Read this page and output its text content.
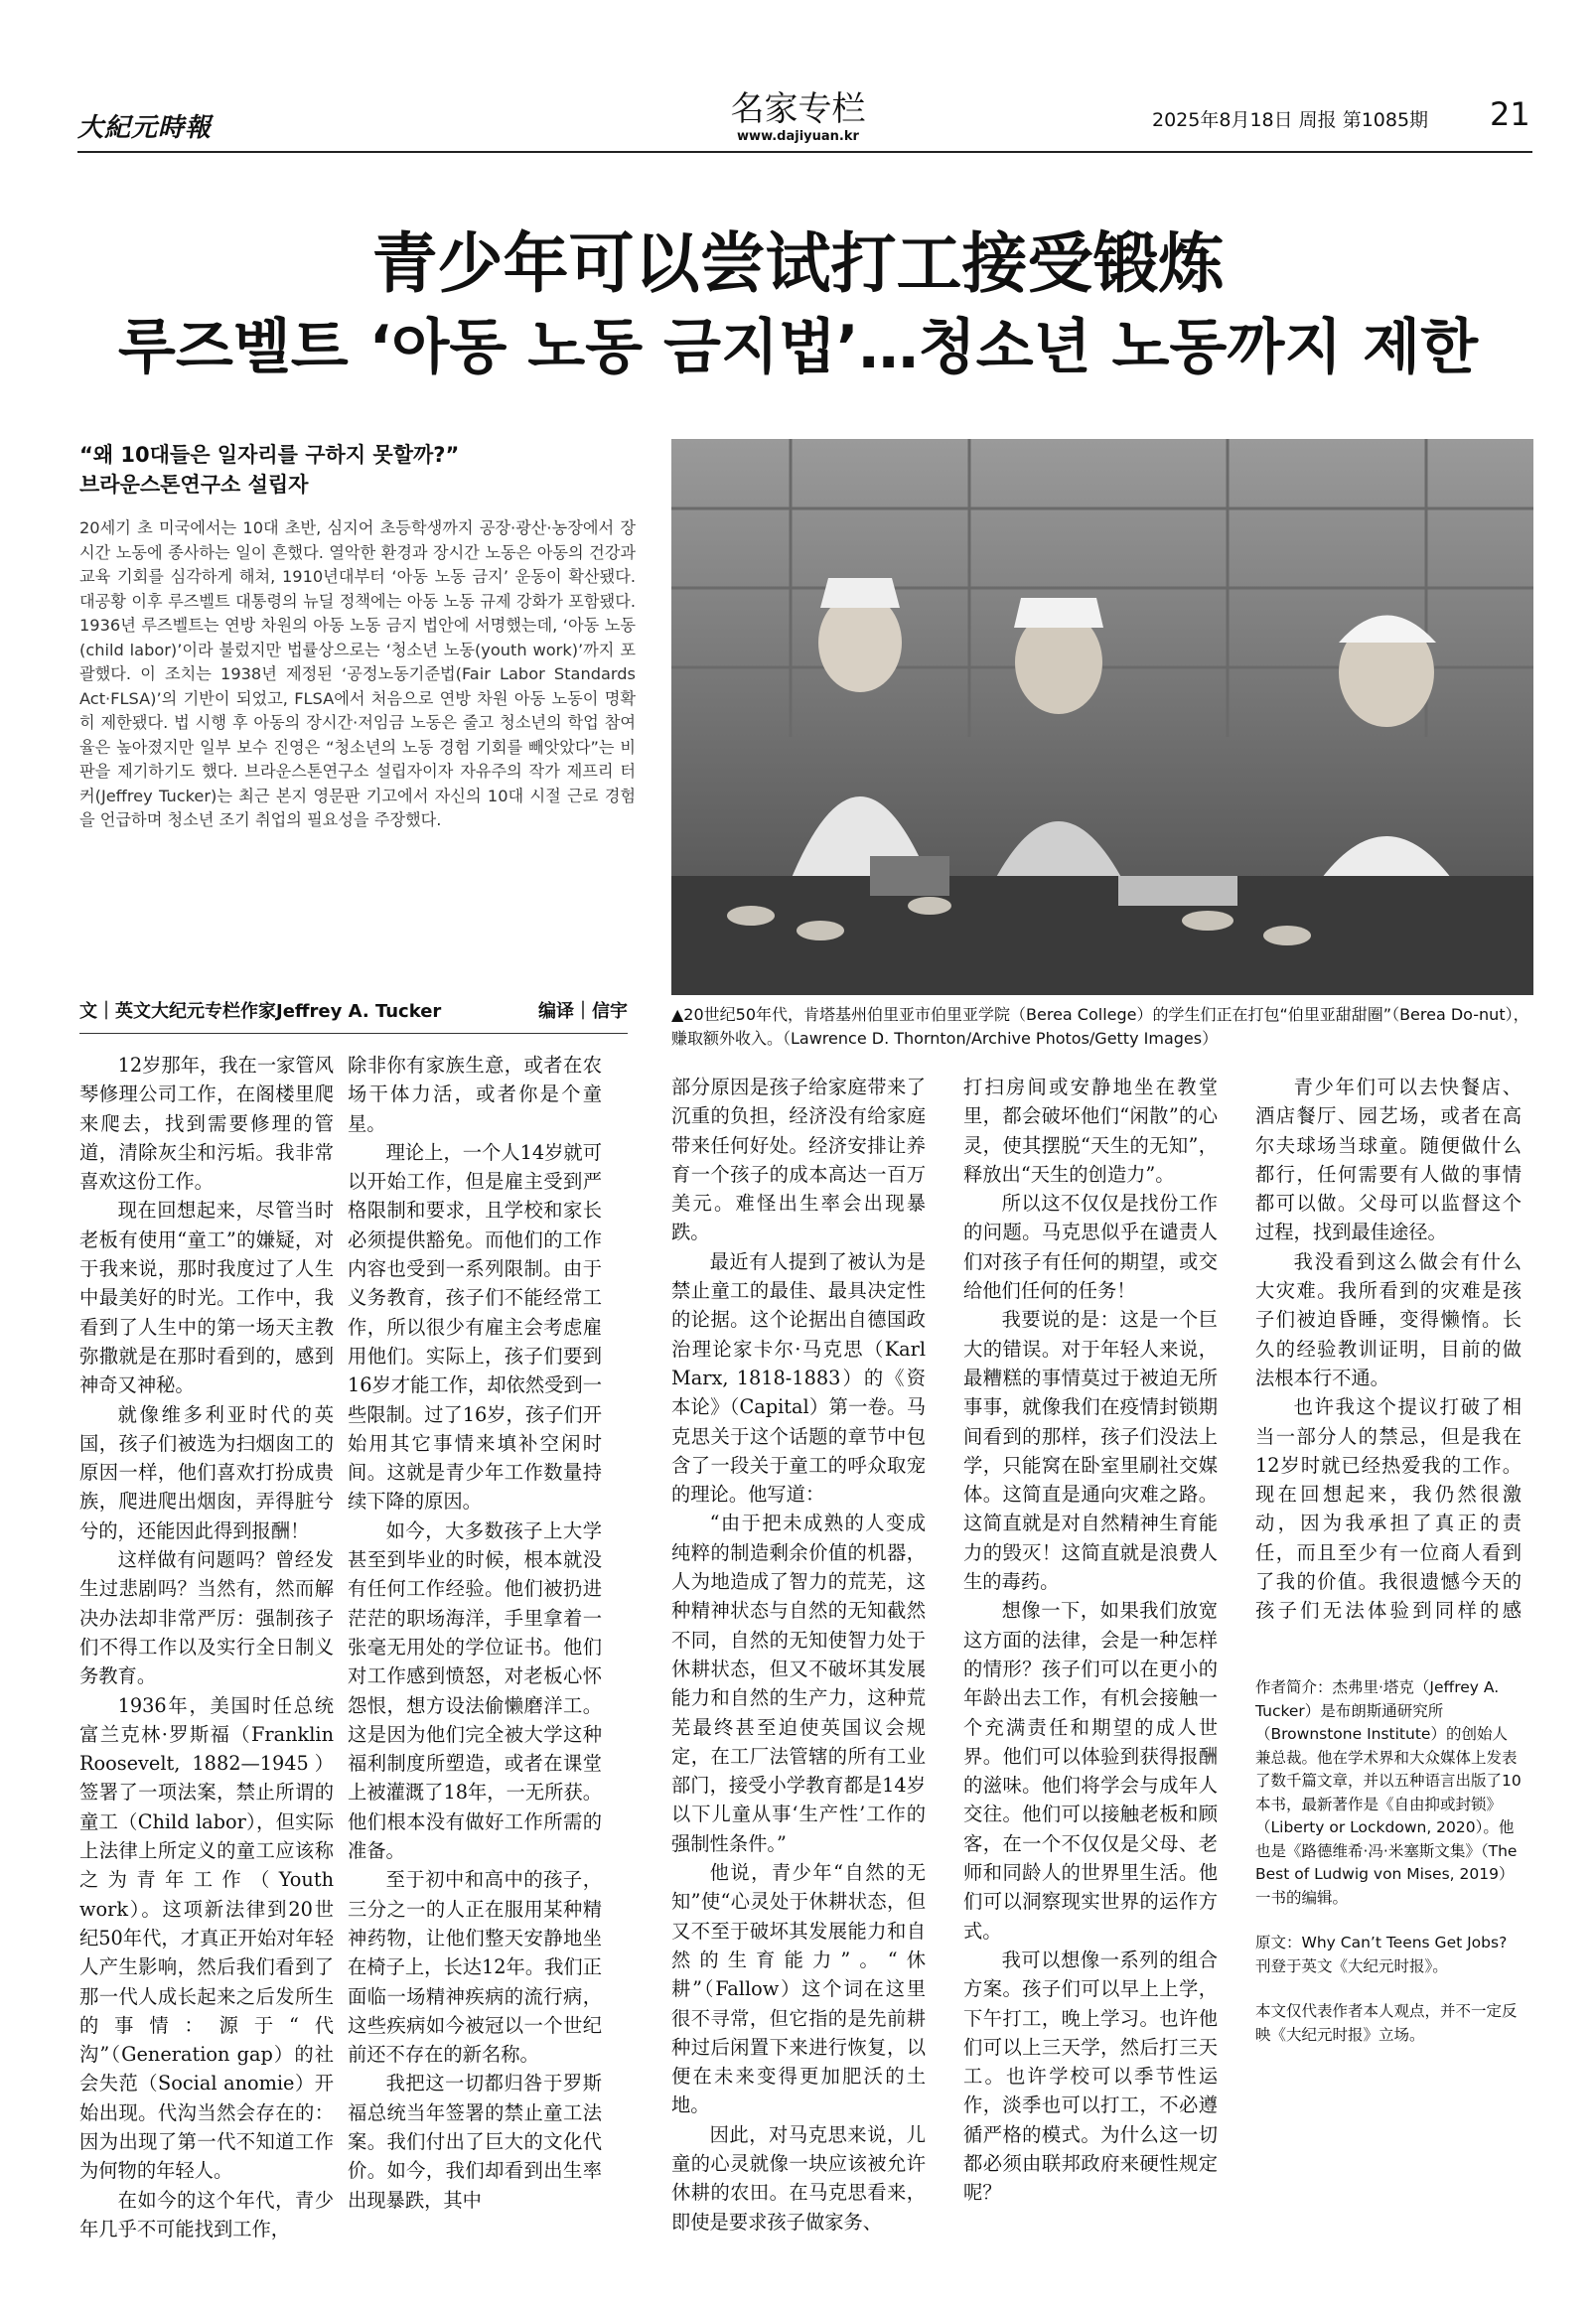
大紀元時報	名家专栏
www.dajiyuan.kr
2025年8月18日 周报 第1085期 21
青少年可以尝试打工接受锻炼
루즈벨트 ‘아동 노동 금지법’…청소년 노동까지 제한
“왜 10대들은 일자리를 구하지 못할까?”
브라운스톤연구소 설립자
20세기 초 미국에서는 10대 초반, 심지어 초등학생까지 공장·광산·농장에서 장시간 노동에 종사하는 일이 흔했다. 열악한 환경과 장시간 노동은 아동의 건강과 교육 기회를 심각하게 해쳐, 1910년대부터 ‘아동 노동 금지’ 운동이 확산됐다. 대공황 이후 루즈벨트 대통령의 뉴딜 정책에는 아동 노동 규제 강화가 포함됐다. 1936년 루즈벨트는 연방 차원의 아동 노동 금지 법안에 서명했는데, ‘아동 노동(child labor)’이라 불렀지만 법률상으로는 ‘청소년 노동(youth work)’까지 포괄했다. 이 조치는 1938년 제정된 ‘공정노동기준법(Fair Labor Standards Act·FLSA)’의 기반이 되었고, FLSA에서 처음으로 연방 차원 아동 노동이 명확히 제한됐다. 법 시행 후 아동의 장시간·저임금 노동은 줄고 청소년의 학업 참여율은 높아졌지만 일부 보수 진영은 “청소년의 노동 경험 기회를 빼앗았다”는 비판을 제기하기도 했다. 브라운스톤연구소 설립자이자 자유주의 작가 제프리 터커(Jeffrey Tucker)는 최근 본지 영문판 기고에서 자신의 10대 시절 근로 경험을 언급하며 청소년 조기 취업의 필요성을 주장했다.
文｜英文大纪元专栏作家Jeffrey A. Tucker	编译｜信宇	▲20世纪50年代，肯塔基州伯里亚市伯里亚学院（Berea College）的学生们正在打包“伯里亚甜甜圈”（Berea Do-nut），赚取额外收入。（Lawrence D. Thornton/Archive Photos/Getty Images）

12岁那年，我在一家管风琴修理公司工作，在阁楼里爬来爬去，找到需要修理的管道，清除灰尘和污垢。我非常喜欢这份工作。

现在回想起来，尽管当时老板有使用“童工”的嫌疑，对于我来说，那时我度过了人生中最美好的时光。工作中，我看到了人生中的第一场天主教弥撒就是在那时看到的，感到神奇又神秘。

就像维多利亚时代的英国，孩子们被选为扫烟囱工的原因一样，他们喜欢打扮成贵族，爬进爬出烟囱，弄得脏兮兮的，还能因此得到报酬！

这样做有问题吗？曾经发生过悲剧吗？当然有，然而解决办法却非常严厉：强制孩子们不得工作以及实行全日制义务教育。

1936年，美国时任总统富兰克林·罗斯福（Franklin Roosevelt, 1882—1945）签署了一项法案，禁止所谓的童工（Child labor），但实际上法律上所定义的童工应该称之为青年工作（Youth work）。这项新法律到20世纪50年代，才真正开始对年轻人产生影响，然后我们看到了那一代人成长起来之后发所生的事情：源于“代沟”（Generation gap）的社会失范（Social anomie）开始出现。代沟当然会存在的：因为出现了第一代不知道工作为何物的年轻人。

在如今的这个年代，青少年几乎不可能找到工作，

除非你有家族生意，或者在农场干体力活，或者你是个童星。

理论上，一个人14岁就可以开始工作，但是雇主受到严格限制和要求，且学校和家长必须提供豁免。而他们的工作内容也受到一系列限制。由于义务教育，孩子们不能经常工作，所以很少有雇主会考虑雇用他们。实际上，孩子们要到16岁才能工作，却依然受到一些限制。过了16岁，孩子们开始用其它事情来填补空闲时间。这就是青少年工作数量持续下降的原因。

如今，大多数孩子上大学甚至到毕业的时候，根本就没有任何工作经验。他们被扔进茫茫的职场海洋，手里拿着一张毫无用处的学位证书。他们对工作感到愤怒，对老板心怀怨恨，想方设法偷懒磨洋工。这是因为他们完全被大学这种福利制度所塑造，或者在课堂上被灌溉了18年，一无所获。他们根本没有做好工作所需的准备。

至于初中和高中的孩子，三分之一的人正在服用某种精神药物，让他们整天安静地坐在椅子上，长达12年。我们正面临一场精神疾病的流行病，这些疾病如今被冠以一个世纪前还不存在的新名称。

我把这一切都归咎于罗斯福总统当年签署的禁止童工法案。我们付出了巨大的文化代价。如今，我们却看到出生率出现暴跌，其中

部分原因是孩子给家庭带来了沉重的负担，经济没有给家庭带来任何好处。经济安排让养育一个孩子的成本高达一百万美元。难怪出生率会出现暴跌。

最近有人提到了被认为是禁止童工的最佳、最具决定性的论据。这个论据出自德国政治理论家卡尔·马克思（Karl Marx, 1818-1883）的《资本论》（Capital）第一卷。马克思关于这个话题的章节中包含了一段关于童工的呼众取宠的理论。他写道：

“由于把未成熟的人变成纯粹的制造剩余价值的机器，人为地造成了智力的荒芜，这种精神状态与自然的无知截然不同，自然的无知使智力处于休耕状态，但又不破坏其发展能力和自然的生产力，这种荒芜最终甚至迫使英国议会规定，在工厂法管辖的所有工业部门，接受小学教育都是14岁以下儿童从事‘生产性’工作的强制性条件。”

他说，青少年“自然的无知”使“心灵处于休耕状态，但又不至于破坏其发展能力和自然的生育能力”。“休耕”（Fallow）这个词在这里很不寻常，但它指的是先前耕种过后闲置下来进行恢复，以便在未来变得更加肥沃的土地。

因此，对马克思来说，儿童的心灵就像一块应该被允许休耕的农田。在马克思看来，即使是要求孩子做家务、

打扫房间或安静地坐在教堂里，都会破坏他们“闲散”的心灵，使其摆脱“天生的无知”，释放出“天生的创造力”。

所以这不仅仅是找份工作的问题。马克思似乎在谴责人们对孩子有任何的期望，或交给他们任何的任务！

我要说的是：这是一个巨大的错误。对于年轻人来说，最糟糕的事情莫过于被迫无所事事，就像我们在疫情封锁期间看到的那样，孩子们没法上学，只能窝在卧室里刷社交媒体。这简直是通向灾难之路。这简直就是对自然精神生育能力的毁灭！这简直就是浪费人生的毒药。

想像一下，如果我们放宽这方面的法律，会是一种怎样的情形？孩子们可以在更小的年龄出去工作，有机会接触一个充满责任和期望的成人世界。他们可以体验到获得报酬的滋味。他们将学会与成年人交往。他们可以接触老板和顾客，在一个不仅仅是父母、老师和同龄人的世界里生活。他们可以洞察现实世界的运作方式。

我可以想像一系列的组合方案。孩子们可以早上上学，下午打工，晚上学习。也许他们可以上三天学，然后打三天工。也许学校可以季节性运作，淡季也可以打工，不必遵循严格的模式。为什么这一切都必须由联邦政府来硬性规定呢？

青少年们可以去快餐店、酒店餐厅、园艺场，或者在高尔夫球场当球童。随便做什么都行，任何需要有人做的事情都可以做。父母可以监督这个过程，找到最佳途径。

我没看到这么做会有什么大灾难。我所看到的灾难是孩子们被迫昏睡，变得懒惰。长久的经验教训证明，目前的做法根本行不通。

也许我这个提议打破了相当一部分人的禁忌，但是我在12岁时就已经热爱我的工作。现在回想起来，我仍然很激动，因为我承担了真正的责任，而且至少有一位商人看到了我的价值。我很遗憾今天的孩子们无法体验到同样的感

作者简介：杰弗里·塔克（Jeffrey A. Tucker）是布朗斯通研究所（Brownstone Institute）的创始人兼总裁。他在学术界和大众媒体上发表了数千篇文章，并以五种语言出版了10本书，最新著作是《自由抑或封锁》（Liberty or Lockdown, 2020）。他也是《路德维希·冯·米塞斯文集》（The Best of Ludwig von Mises, 2019）一书的编辑。

原文：Why Can’t Teens Get Jobs?刊登于英文《大纪元时报》。

本文仅代表作者本人观点，并不一定反映《大纪元时报》立场。
